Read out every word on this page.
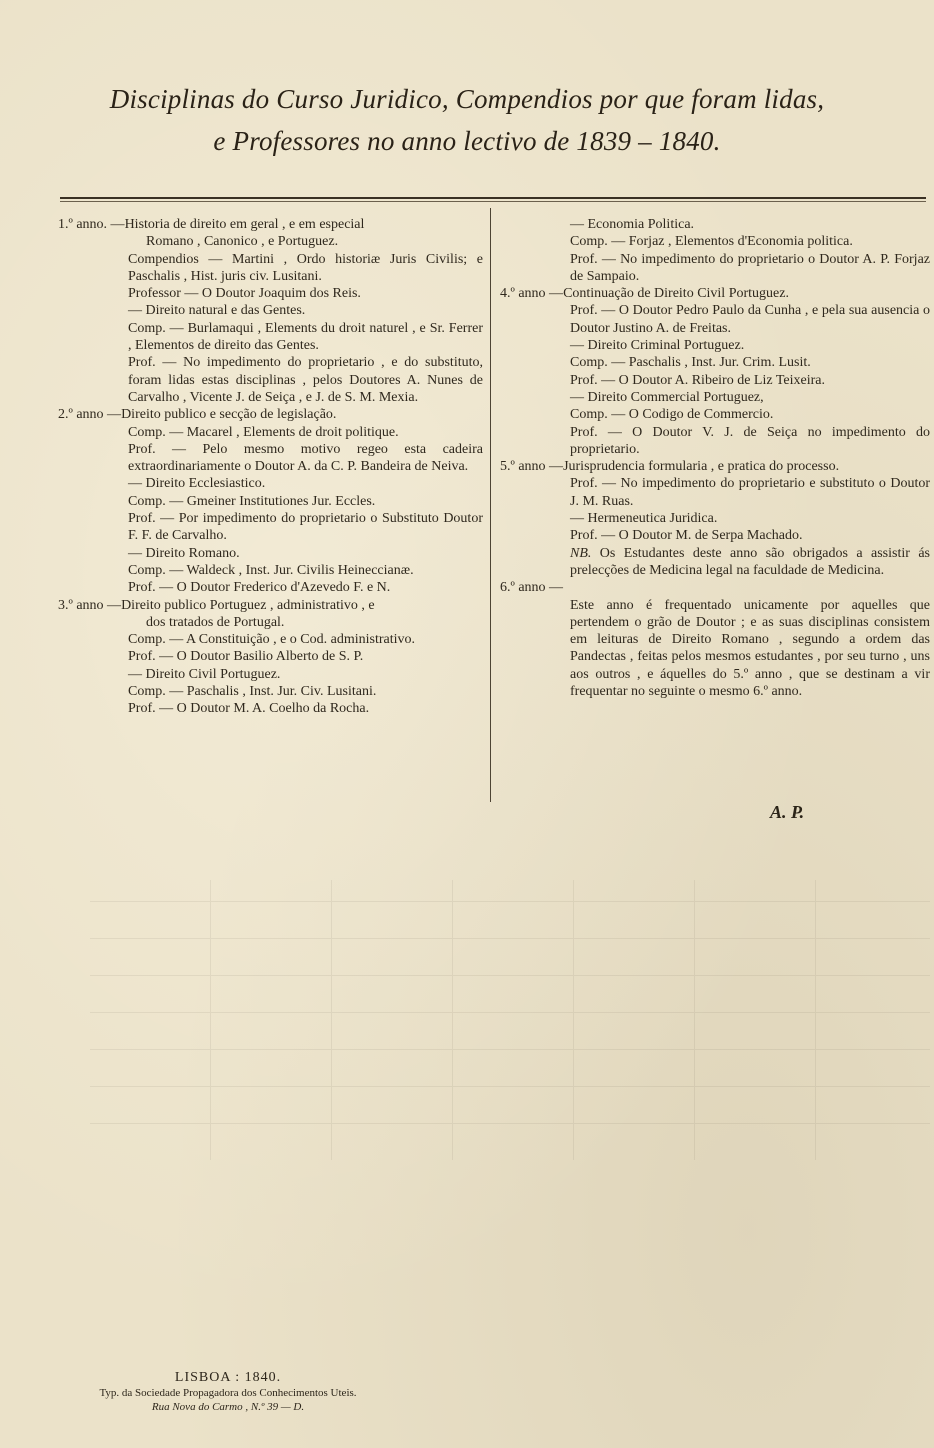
Disciplinas do Curso Juridico, Compendios por que foram lidas,
e Professores no anno lectivo de 1839 – 1840.
1.º anno. — Historia de direito em geral , e em especial
Romano , Canonico , e Portuguez.
Compendios — Martini , Ordo historiæ Juris Civilis; e Paschalis , Hist. juris civ. Lusitani.
Professor — O Doutor Joaquim dos Reis.
— Direito natural e das Gentes.
Comp. — Burlamaqui , Elements du droit naturel , e Sr. Ferrer , Elementos de direito das Gentes.
Prof. — No impedimento do proprietario , e do substituto, foram lidas estas disciplinas , pelos Doutores A. Nunes de Carvalho , Vicente J. de Seiça , e J. de S. M. Mexia.
2.º anno — Direito publico e secção de legislação.
Comp. — Macarel , Elements de droit politique.
Prof. — Pelo mesmo motivo regeo esta cadeira extraordinariamente o Doutor A. da C. P. Bandeira de Neiva.
— Direito Ecclesiastico.
Comp. — Gmeiner Institutiones Jur. Eccles.
Prof. — Por impedimento do proprietario o Substituto Doutor F. F. de Carvalho.
— Direito Romano.
Comp. — Waldeck , Inst. Jur. Civilis Heineccianæ.
Prof. — O Doutor Frederico d'Azevedo F. e N.
3.º anno — Direito publico Portuguez , administrativo , e
dos tratados de Portugal.
Comp. — A Constituição , e o Cod. administrativo.
Prof. — O Doutor Basilio Alberto de S. P.
— Direito Civil Portuguez.
Comp. — Paschalis , Inst. Jur. Civ. Lusitani.
Prof. — O Doutor M. A. Coelho da Rocha.
— Economia Politica.
Comp. — Forjaz , Elementos d'Economia politica.
Prof. — No impedimento do proprietario o Doutor A. P. Forjaz de Sampaio.
4.º anno — Continuação de Direito Civil Portuguez.
Prof. — O Doutor Pedro Paulo da Cunha , e pela sua ausencia o Doutor Justino A. de Freitas.
— Direito Criminal Portuguez.
Comp. — Paschalis , Inst. Jur. Crim. Lusit.
Prof. — O Doutor A. Ribeiro de Liz Teixeira.
— Direito Commercial Portuguez,
Comp. — O Codigo de Commercio.
Prof. — O Doutor V. J. de Seiça no impedimento do proprietario.
5.º anno — Jurisprudencia formularia , e pratica do processo.
Prof. — No impedimento do proprietario e substituto o Doutor J. M. Ruas.
— Hermeneutica Juridica.
Prof. — O Doutor M. de Serpa Machado.
NB. Os Estudantes deste anno são obrigados a assistir ás prelecções de Medicina legal na faculdade de Medicina.
6.º anno —
Este anno é frequentado unicamente por aquelles que pertendem o grão de Doutor ; e as suas disciplinas consistem em leituras de Direito Romano , segundo a ordem das Pandectas , feitas pelos mesmos estudantes , por seu turno , uns aos outros , e áquelles do 5.º anno , que se destinam a vir frequentar no seguinte o mesmo 6.º anno.
A. P.
LISBOA : 1840.
Typ. da Sociedade Propagadora dos Conhecimentos Uteis.
Rua Nova do Carmo , N.º 39 — D.
